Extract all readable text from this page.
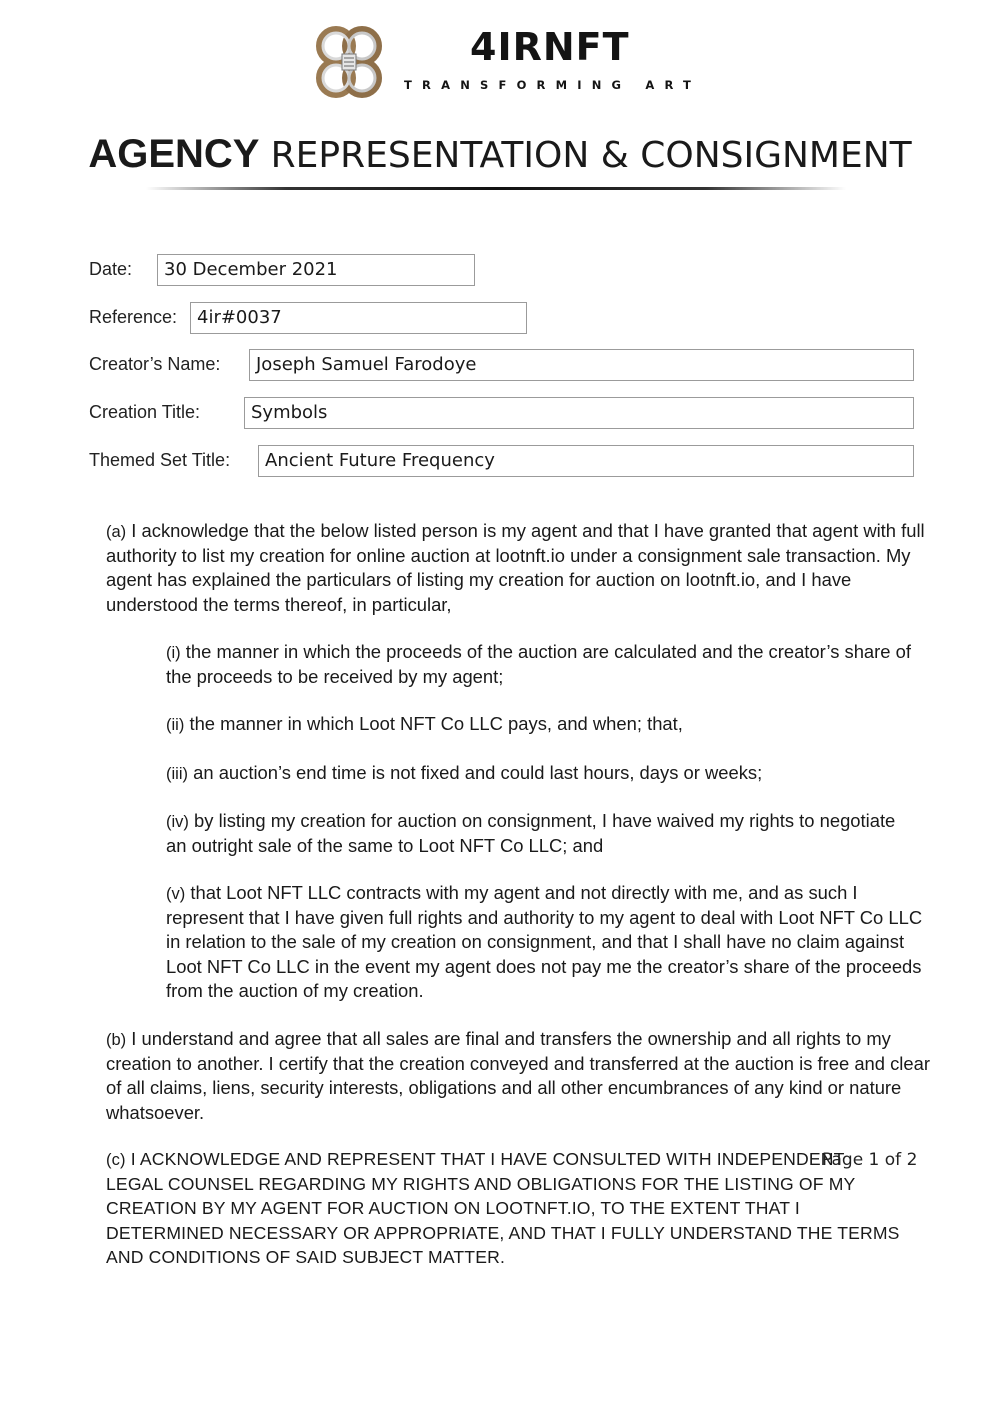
4IRNFT
TRANSFORMING ART
AGENCY REPRESENTATION & CONSIGNMENT
Date:	30 December 2021
Reference:	4ir#0037
Creator’s Name:	Joseph Samuel Farodoye
Creation Title:	Symbols
Themed Set Title:	Ancient Future Frequency

(a) I acknowledge that the below listed person is my agent and that I have granted that agent with full authority to list my creation for online auction at lootnft.io under a consignment sale transaction. My agent has explained the particulars of listing my creation for auction on lootnft.io, and I have understood the terms thereof, in particular,

(i) the manner in which the proceeds of the auction are calculated and the creator’s share of the proceeds to be received by my agent;

(ii) the manner in which Loot NFT Co LLC pays, and when; that,

(iii) an auction’s end time is not fixed and could last hours, days or weeks;

(iv) by listing my creation for auction on consignment, I have waived my rights to negotiate an outright sale of the same to Loot NFT Co LLC; and

(v) that Loot NFT LLC contracts with my agent and not directly with me, and as such I represent that I have given full rights and authority to my agent to deal with Loot NFT Co LLC in relation to the sale of my creation on consignment, and that I shall have no claim against Loot NFT Co LLC in the event my agent does not pay me the creator’s share of the proceeds from the auction of my creation.

(b) I understand and agree that all sales are final and transfers the ownership and all rights to my creation to another. I certify that the creation conveyed and transferred at the auction is free and clear of all claims, liens, security interests, obligations and all other encumbrances of any kind or nature whatsoever.

(c) I ACKNOWLEDGE AND REPRESENT THAT I HAVE CONSULTED WITH INDEPENDENT LEGAL COUNSEL REGARDING MY RIGHTS AND OBLIGATIONS FOR THE LISTING OF MY CREATION BY MY AGENT FOR AUCTION ON LOOTNFT.IO, TO THE EXTENT THAT I DETERMINED NECESSARY OR APPROPRIATE, AND THAT I FULLY UNDERSTAND THE TERMS AND CONDITIONS OF SAID SUBJECT MATTER.

Page 1 of 2
